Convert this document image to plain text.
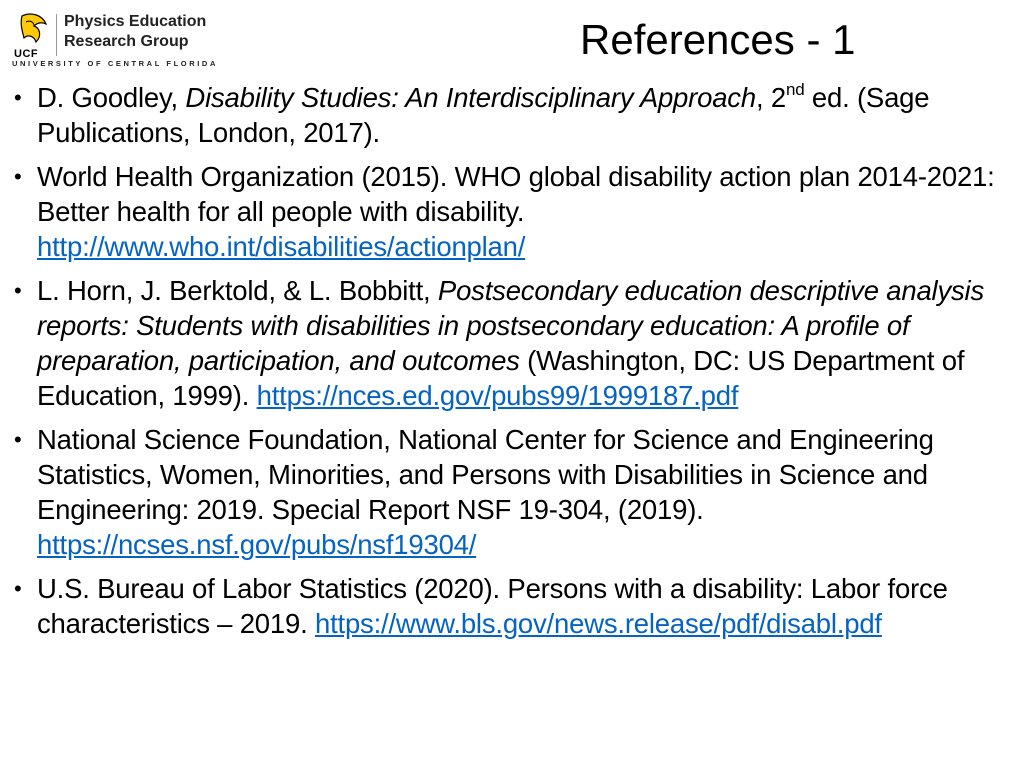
UCF
Physics Education
Research Group
UNIVERSITY OF CENTRAL FLORIDA
References - 1
• D. Goodley, Disability Studies: An Interdisciplinary Approach, 2nd ed. (Sage Publications, London, 2017).
• World Health Organization (2015). WHO global disability action plan 2014-2021: Better health for all people with disability. http://www.who.int/disabilities/actionplan/
• L. Horn, J. Berktold, & L. Bobbitt, Postsecondary education descriptive analysis reports: Students with disabilities in postsecondary education: A profile of preparation, participation, and outcomes (Washington, DC: US Department of Education, 1999). https://nces.ed.gov/pubs99/1999187.pdf
• National Science Foundation, National Center for Science and Engineering Statistics, Women, Minorities, and Persons with Disabilities in Science and Engineering: 2019. Special Report NSF 19-304, (2019). https://ncses.nsf.gov/pubs/nsf19304/
• U.S. Bureau of Labor Statistics (2020). Persons with a disability: Labor force characteristics – 2019. https://www.bls.gov/news.release/pdf/disabl.pdf
